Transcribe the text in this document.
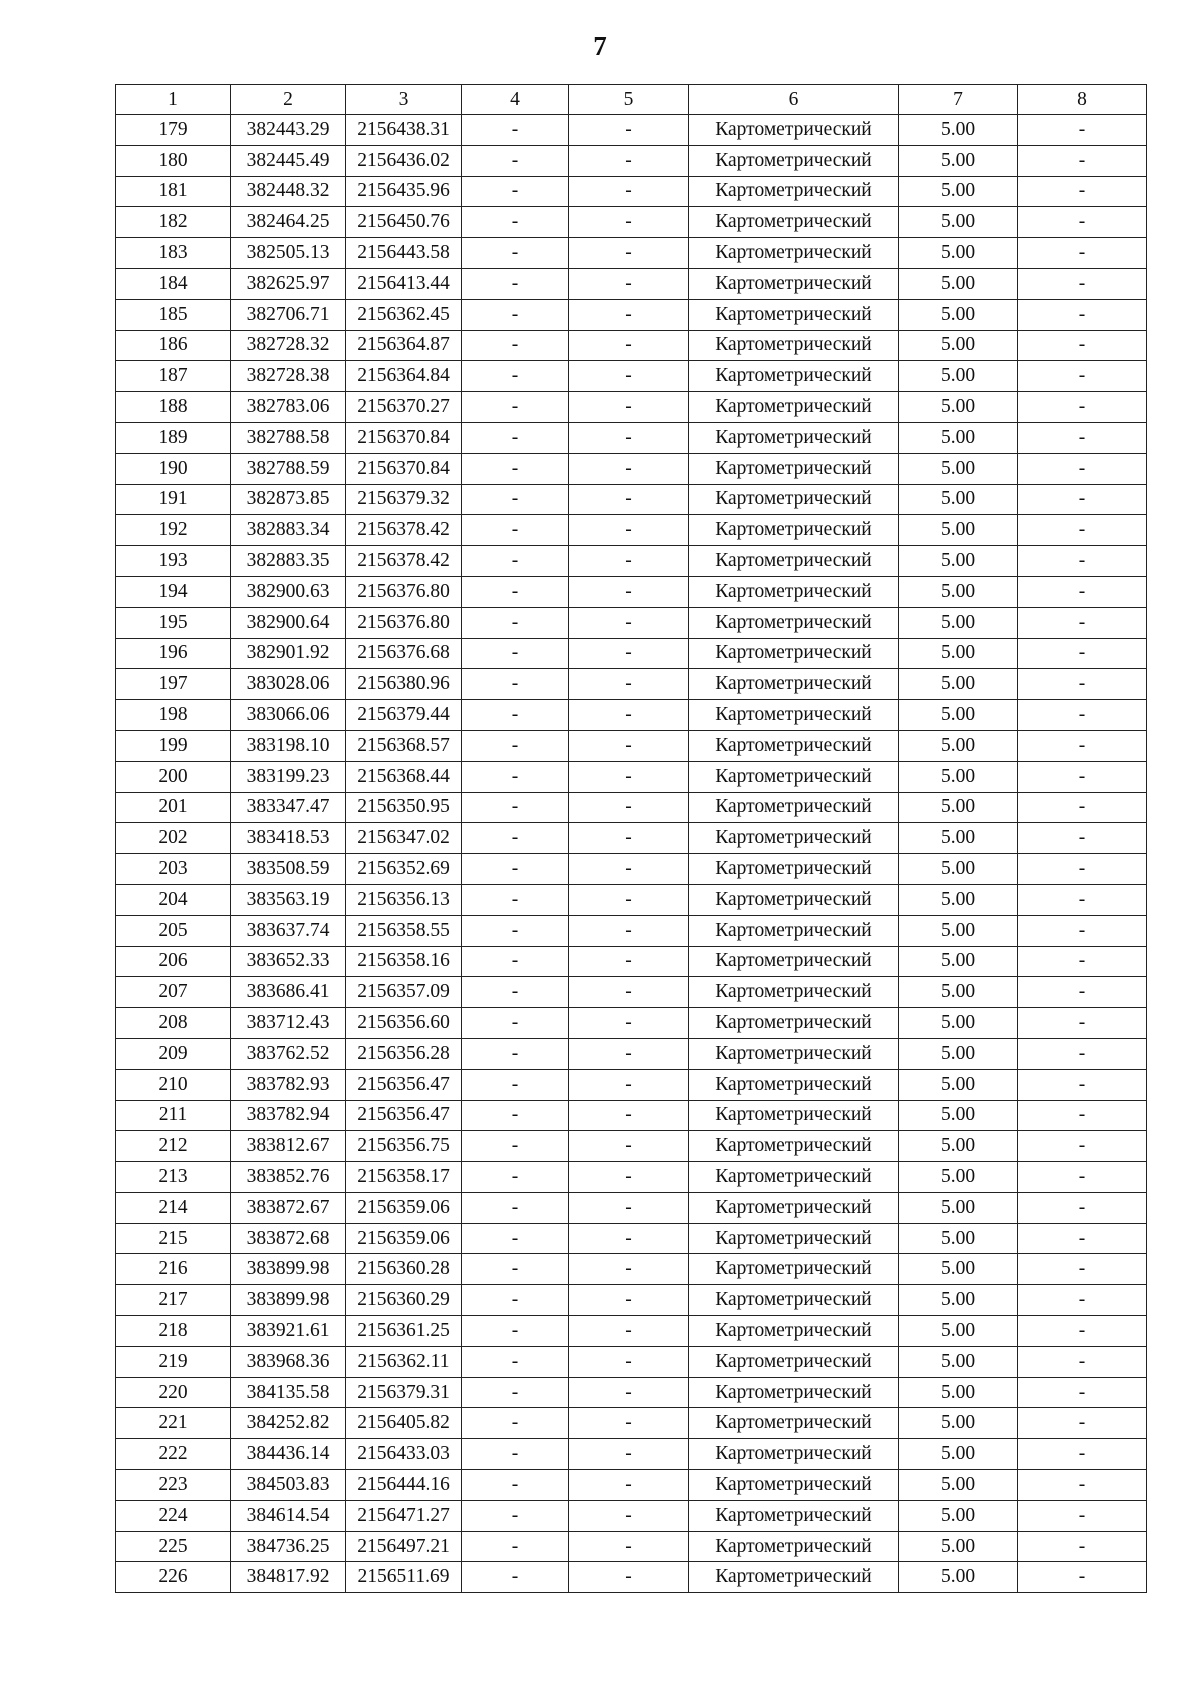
7
1	2	3	4	5	6	7	8
179	382443.29	2156438.31	-	-	Картометрический	5.00	-
180	382445.49	2156436.02	-	-	Картометрический	5.00	-
181	382448.32	2156435.96	-	-	Картометрический	5.00	-
182	382464.25	2156450.76	-	-	Картометрический	5.00	-
183	382505.13	2156443.58	-	-	Картометрический	5.00	-
184	382625.97	2156413.44	-	-	Картометрический	5.00	-
185	382706.71	2156362.45	-	-	Картометрический	5.00	-
186	382728.32	2156364.87	-	-	Картометрический	5.00	-
187	382728.38	2156364.84	-	-	Картометрический	5.00	-
188	382783.06	2156370.27	-	-	Картометрический	5.00	-
189	382788.58	2156370.84	-	-	Картометрический	5.00	-
190	382788.59	2156370.84	-	-	Картометрический	5.00	-
191	382873.85	2156379.32	-	-	Картометрический	5.00	-
192	382883.34	2156378.42	-	-	Картометрический	5.00	-
193	382883.35	2156378.42	-	-	Картометрический	5.00	-
194	382900.63	2156376.80	-	-	Картометрический	5.00	-
195	382900.64	2156376.80	-	-	Картометрический	5.00	-
196	382901.92	2156376.68	-	-	Картометрический	5.00	-
197	383028.06	2156380.96	-	-	Картометрический	5.00	-
198	383066.06	2156379.44	-	-	Картометрический	5.00	-
199	383198.10	2156368.57	-	-	Картометрический	5.00	-
200	383199.23	2156368.44	-	-	Картометрический	5.00	-
201	383347.47	2156350.95	-	-	Картометрический	5.00	-
202	383418.53	2156347.02	-	-	Картометрический	5.00	-
203	383508.59	2156352.69	-	-	Картометрический	5.00	-
204	383563.19	2156356.13	-	-	Картометрический	5.00	-
205	383637.74	2156358.55	-	-	Картометрический	5.00	-
206	383652.33	2156358.16	-	-	Картометрический	5.00	-
207	383686.41	2156357.09	-	-	Картометрический	5.00	-
208	383712.43	2156356.60	-	-	Картометрический	5.00	-
209	383762.52	2156356.28	-	-	Картометрический	5.00	-
210	383782.93	2156356.47	-	-	Картометрический	5.00	-
211	383782.94	2156356.47	-	-	Картометрический	5.00	-
212	383812.67	2156356.75	-	-	Картометрический	5.00	-
213	383852.76	2156358.17	-	-	Картометрический	5.00	-
214	383872.67	2156359.06	-	-	Картометрический	5.00	-
215	383872.68	2156359.06	-	-	Картометрический	5.00	-
216	383899.98	2156360.28	-	-	Картометрический	5.00	-
217	383899.98	2156360.29	-	-	Картометрический	5.00	-
218	383921.61	2156361.25	-	-	Картометрический	5.00	-
219	383968.36	2156362.11	-	-	Картометрический	5.00	-
220	384135.58	2156379.31	-	-	Картометрический	5.00	-
221	384252.82	2156405.82	-	-	Картометрический	5.00	-
222	384436.14	2156433.03	-	-	Картометрический	5.00	-
223	384503.83	2156444.16	-	-	Картометрический	5.00	-
224	384614.54	2156471.27	-	-	Картометрический	5.00	-
225	384736.25	2156497.21	-	-	Картометрический	5.00	-
226	384817.92	2156511.69	-	-	Картометрический	5.00	-
